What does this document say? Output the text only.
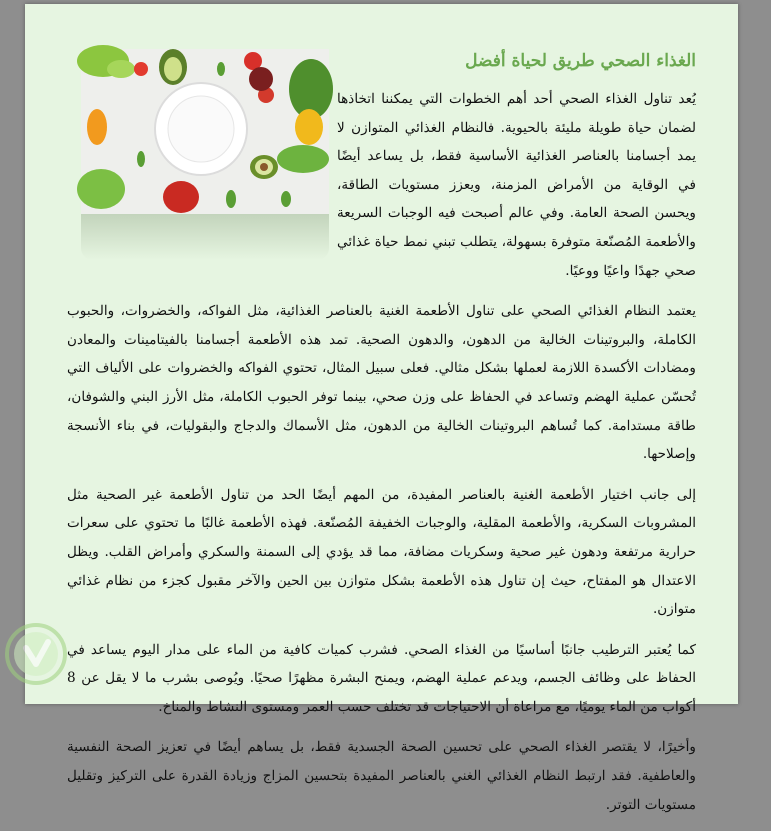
الغذاء الصحي طريق لحياة أفضل

يُعد تناول الغذاء الصحي أحد أهم الخطوات التي يمكننا اتخاذها لضمان حياة طويلة مليئة بالحيوية. فالنظام الغذائي المتوازن لا يمد أجسامنا بالعناصر الغذائية الأساسية فقط، بل يساعد أيضًا في الوقاية من الأمراض المزمنة، ويعزز مستويات الطاقة، ويحسن الصحة العامة. وفي عالم أصبحت فيه الوجبات السريعة والأطعمة المُصنّعة متوفرة بسهولة، يتطلب تبني نمط حياة غذائي صحي جهدًا واعيًا ووعيًا.

يعتمد النظام الغذائي الصحي على تناول الأطعمة الغنية بالعناصر الغذائية، مثل الفواكه، والخضروات، والحبوب الكاملة، والبروتينات الخالية من الدهون، والدهون الصحية. تمد هذه الأطعمة أجسامنا بالفيتامينات والمعادن ومضادات الأكسدة اللازمة لعملها بشكل مثالي. فعلى سبيل المثال، تحتوي الفواكه والخضروات على الألياف التي تُحسّن عملية الهضم وتساعد في الحفاظ على وزن صحي، بينما توفر الحبوب الكاملة، مثل الأرز البني والشوفان، طاقة مستدامة. كما تُساهم البروتينات الخالية من الدهون، مثل الأسماك والدجاج والبقوليات، في بناء الأنسجة وإصلاحها.

إلى جانب اختيار الأطعمة الغنية بالعناصر المفيدة، من المهم أيضًا الحد من تناول الأطعمة غير الصحية مثل المشروبات السكرية، والأطعمة المقلية، والوجبات الخفيفة المُصنّعة. فهذه الأطعمة غالبًا ما تحتوي على سعرات حرارية مرتفعة ودهون غير صحية وسكريات مضافة، مما قد يؤدي إلى السمنة والسكري وأمراض القلب. ويظل الاعتدال هو المفتاح، حيث إن تناول هذه الأطعمة بشكل متوازن بين الحين والآخر مقبول كجزء من نظام غذائي متوازن.

كما يُعتبر الترطيب جانبًا أساسيًا من الغذاء الصحي. فشرب كميات كافية من الماء على مدار اليوم يساعد في الحفاظ على وظائف الجسم، ويدعم عملية الهضم، ويمنح البشرة مظهرًا صحيًا. ويُوصى بشرب ما لا يقل عن 8 أكواب من الماء يوميًا، مع مراعاة أن الاحتياجات قد تختلف حسب العمر ومستوى النشاط والمناخ.

وأخيرًا، لا يقتصر الغذاء الصحي على تحسين الصحة الجسدية فقط، بل يساهم أيضًا في تعزيز الصحة النفسية والعاطفية. فقد ارتبط النظام الغذائي الغني بالعناصر المفيدة بتحسين المزاج وزيادة القدرة على التركيز وتقليل مستويات التوتر.
